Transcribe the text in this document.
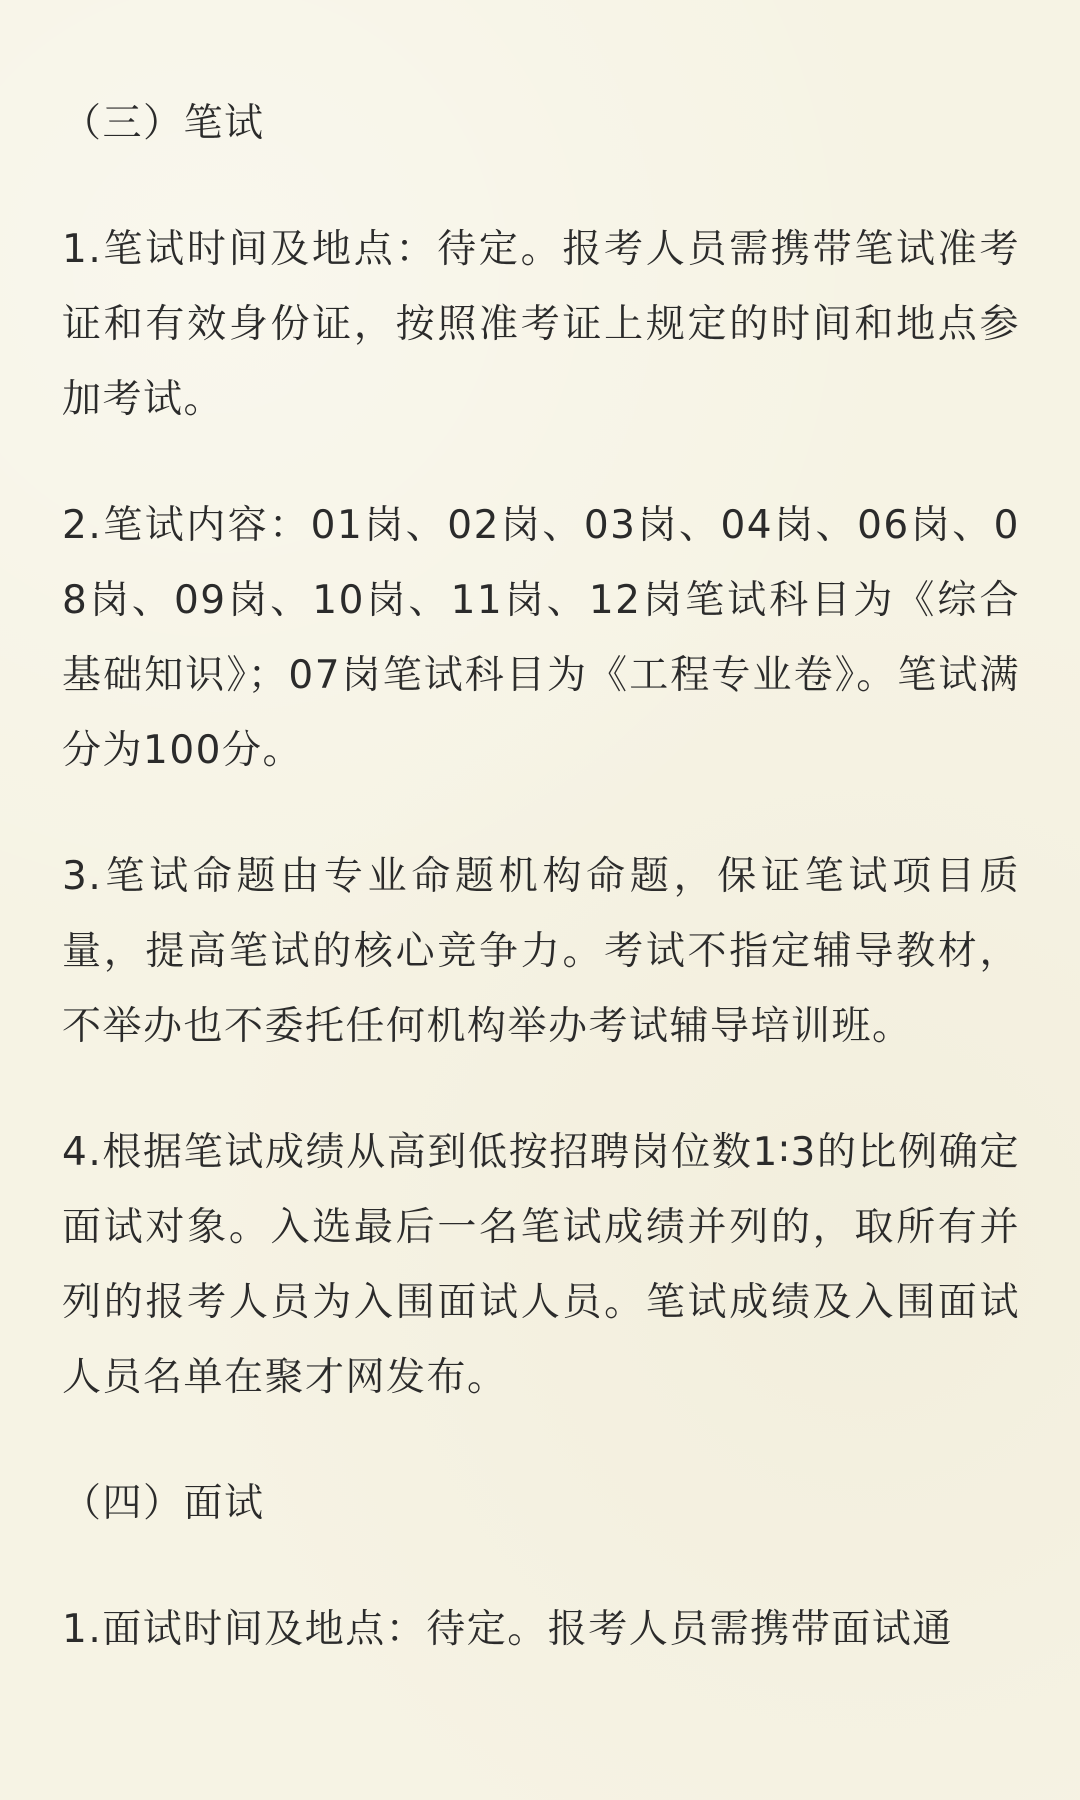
（三）笔试

1.笔试时间及地点：待定。报考人员需携带笔试准考证和有效身份证，按照准考证上规定的时间和地点参加考试。

2.笔试内容：01岗、02岗、03岗、04岗、06岗、08岗、09岗、10岗、11岗、12岗笔试科目为《综合基础知识》；07岗笔试科目为《工程专业卷》。笔试满分为100分。

3.笔试命题由专业命题机构命题，保证笔试项目质量，提高笔试的核心竞争力。考试不指定辅导教材，不举办也不委托任何机构举办考试辅导培训班。

4.根据笔试成绩从高到低按招聘岗位数1∶3的比例确定面试对象。入选最后一名笔试成绩并列的，取所有并列的报考人员为入围面试人员。笔试成绩及入围面试人员名单在聚才网发布。

（四）面试

1.面试时间及地点：待定。报考人员需携带面试通
